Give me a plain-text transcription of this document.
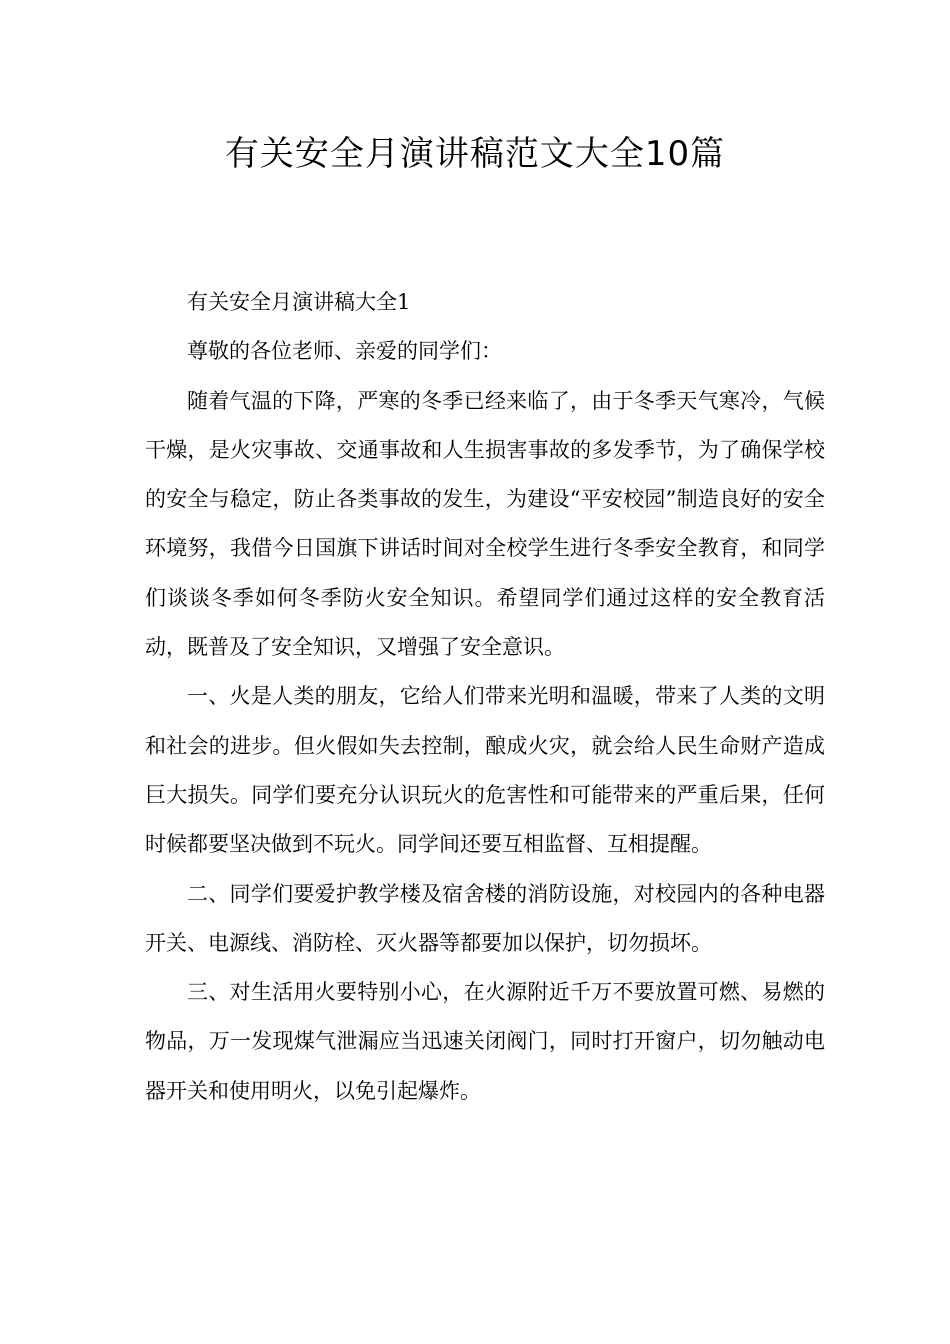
有关安全月演讲稿范文大全10篇

有关安全月演讲稿大全1

尊敬的各位老师、亲爱的同学们：

随着气温的下降，严寒的冬季已经来临了，由于冬季天气寒冷，气候干燥，是火灾事故、交通事故和人生损害事故的多发季节，为了确保学校的安全与稳定，防止各类事故的发生，为建设“平安校园”制造良好的安全环境努，我借今日国旗下讲话时间对全校学生进行冬季安全教育，和同学们谈谈冬季如何冬季防火安全知识。希望同学们通过这样的安全教育活动，既普及了安全知识，又增强了安全意识。

一、火是人类的朋友，它给人们带来光明和温暖，带来了人类的文明和社会的进步。但火假如失去控制，酿成火灾，就会给人民生命财产造成巨大损失。同学们要充分认识玩火的危害性和可能带来的严重后果，任何时候都要坚决做到不玩火。同学间还要互相监督、互相提醒。

二、同学们要爱护教学楼及宿舍楼的消防设施，对校园内的各种电器开关、电源线、消防栓、灭火器等都要加以保护，切勿损坏。

三、对生活用火要特别小心，在火源附近千万不要放置可燃、易燃的物品，万一发现煤气泄漏应当迅速关闭阀门，同时打开窗户，切勿触动电器开关和使用明火，以免引起爆炸。
